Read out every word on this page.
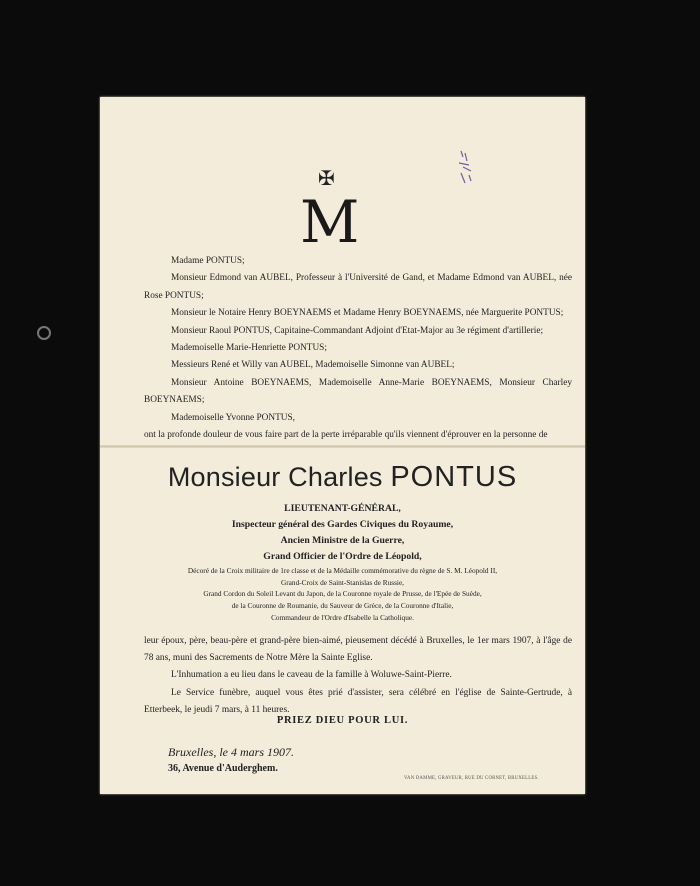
✠
M

Madame PONTUS;

Monsieur Edmond van AUBEL, Professeur à l'Université de Gand, et Madame Edmond van AUBEL, née Rose PONTUS;

Monsieur le Notaire Henry BOEYNAEMS et Madame Henry BOEYNAEMS, née Marguerite PONTUS;

Monsieur Raoul PONTUS, Capitaine-Commandant Adjoint d'Etat-Major au 3e régiment d'artillerie;

Mademoiselle Marie-Henriette PONTUS;

Messieurs René et Willy van AUBEL, Mademoiselle Simonne van AUBEL;

Monsieur Antoine BOEYNAEMS, Mademoiselle Anne-Marie BOEYNAEMS, Monsieur Charley BOEYNAEMS;

Mademoiselle Yvonne PONTUS,

ont la profonde douleur de vous faire part de la perte irréparable qu'ils viennent d'éprouver en la personne de

Monsieur Charles PONTUS

LIEUTENANT-GÉNÉRAL,

Inspecteur général des Gardes Civiques du Royaume,

Ancien Ministre de la Guerre,

Grand Officier de l'Ordre de Léopold,

Décoré de la Croix militaire de 1re classe et de la Médaille commémorative du règne de S. M. Léopold II,

Grand-Croix de Saint-Stanislas de Russie,

Grand Cordon du Soleil Levant du Japon, de la Couronne royale de Prusse, de l'Epée de Suède,

de la Couronne de Roumanie, du Sauveur de Grèce, de la Couronne d'Italie,

Commandeur de l'Ordre d'Isabelle la Catholique.

leur époux, père, beau-père et grand-père bien-aimé, pieusement décédé à Bruxelles, le 1er mars 1907, à l'âge de 78 ans, muni des Sacrements de Notre Mère la Sainte Eglise.

L'Inhumation a eu lieu dans le caveau de la famille à Woluwe-Saint-Pierre.

Le Service funèbre, auquel vous êtes prié d'assister, sera célébré en l'église de Sainte-Gertrude, à Etterbeek, le jeudi 7 mars, à 11 heures.

PRIEZ DIEU POUR LUI.
Bruxelles, le 4 mars 1907.
36, Avenue d'Auderghem.
VAN DAMME, GRAVEUR, RUE DU CORNET, BRUXELLES.
